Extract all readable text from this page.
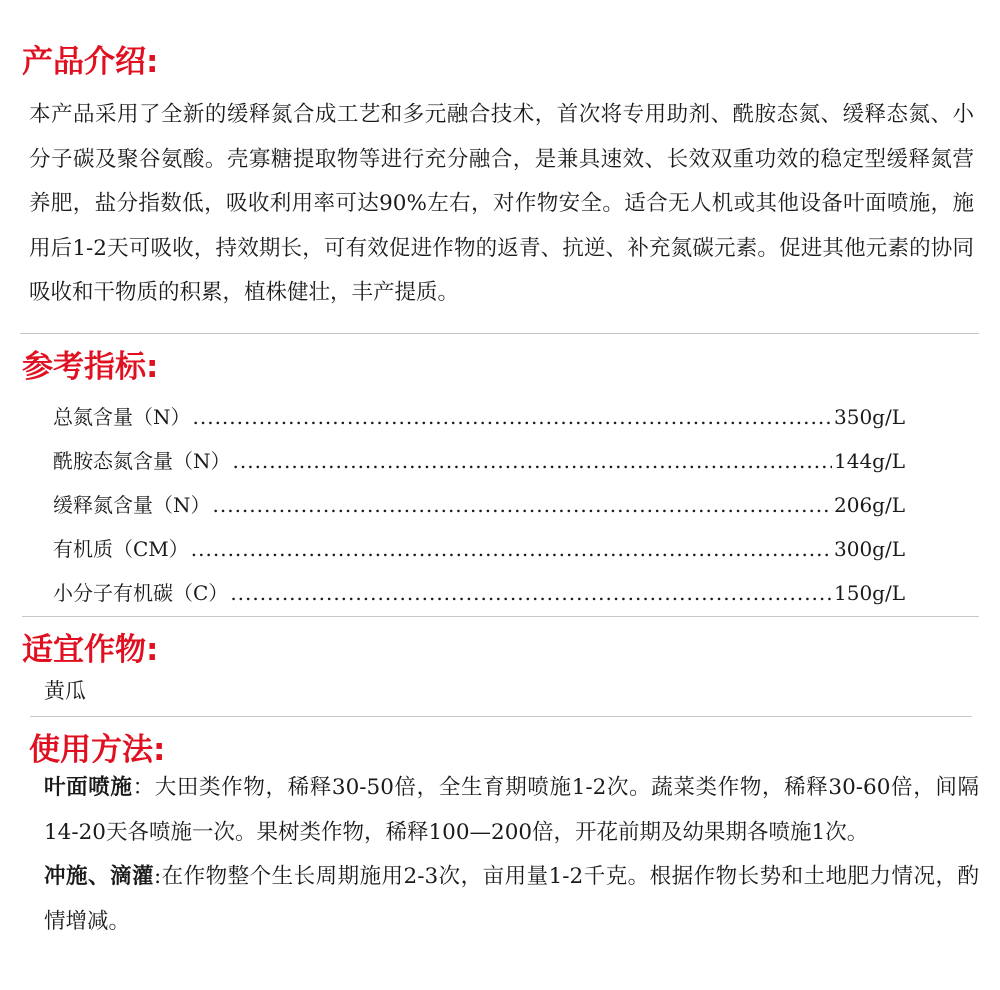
产品介绍:

本产品采用了全新的缓释氮合成工艺和多元融合技术，首次将专用助剂、酰胺态氮、缓释态氮、小分子碳及聚谷氨酸。壳寡糖提取物等进行充分融合，是兼具速效、长效双重功效的稳定型缓释氮营养肥，盐分指数低，吸收利用率可达90%左右，对作物安全。适合无人机或其他设备叶面喷施，施用后1-2天可吸收，持效期长，可有效促进作物的返青、抗逆、补充氮碳元素。促进其他元素的协同吸收和干物质的积累，植株健壮，丰产提质。

参考指标:
总氮含量（N） .....	350g/L
酰胺态氮含量（N） .....	144g/L
缓释氮含量（N） .....	206g/L
有机质（CM） .....	300g/L
小分子有机碳（C） .....	150g/L
适宜作物:

黄瓜

使用方法:

叶面喷施：大田类作物，稀释30-50倍，全生育期喷施1-2次。蔬菜类作物，稀释30-60倍，间隔14-20天各喷施一次。果树类作物，稀释100—200倍，开花前期及幼果期各喷施1次。

冲施、滴灌:在作物整个生长周期施用2-3次，亩用量1-2千克。根据作物长势和土地肥力情况，酌情增减。
